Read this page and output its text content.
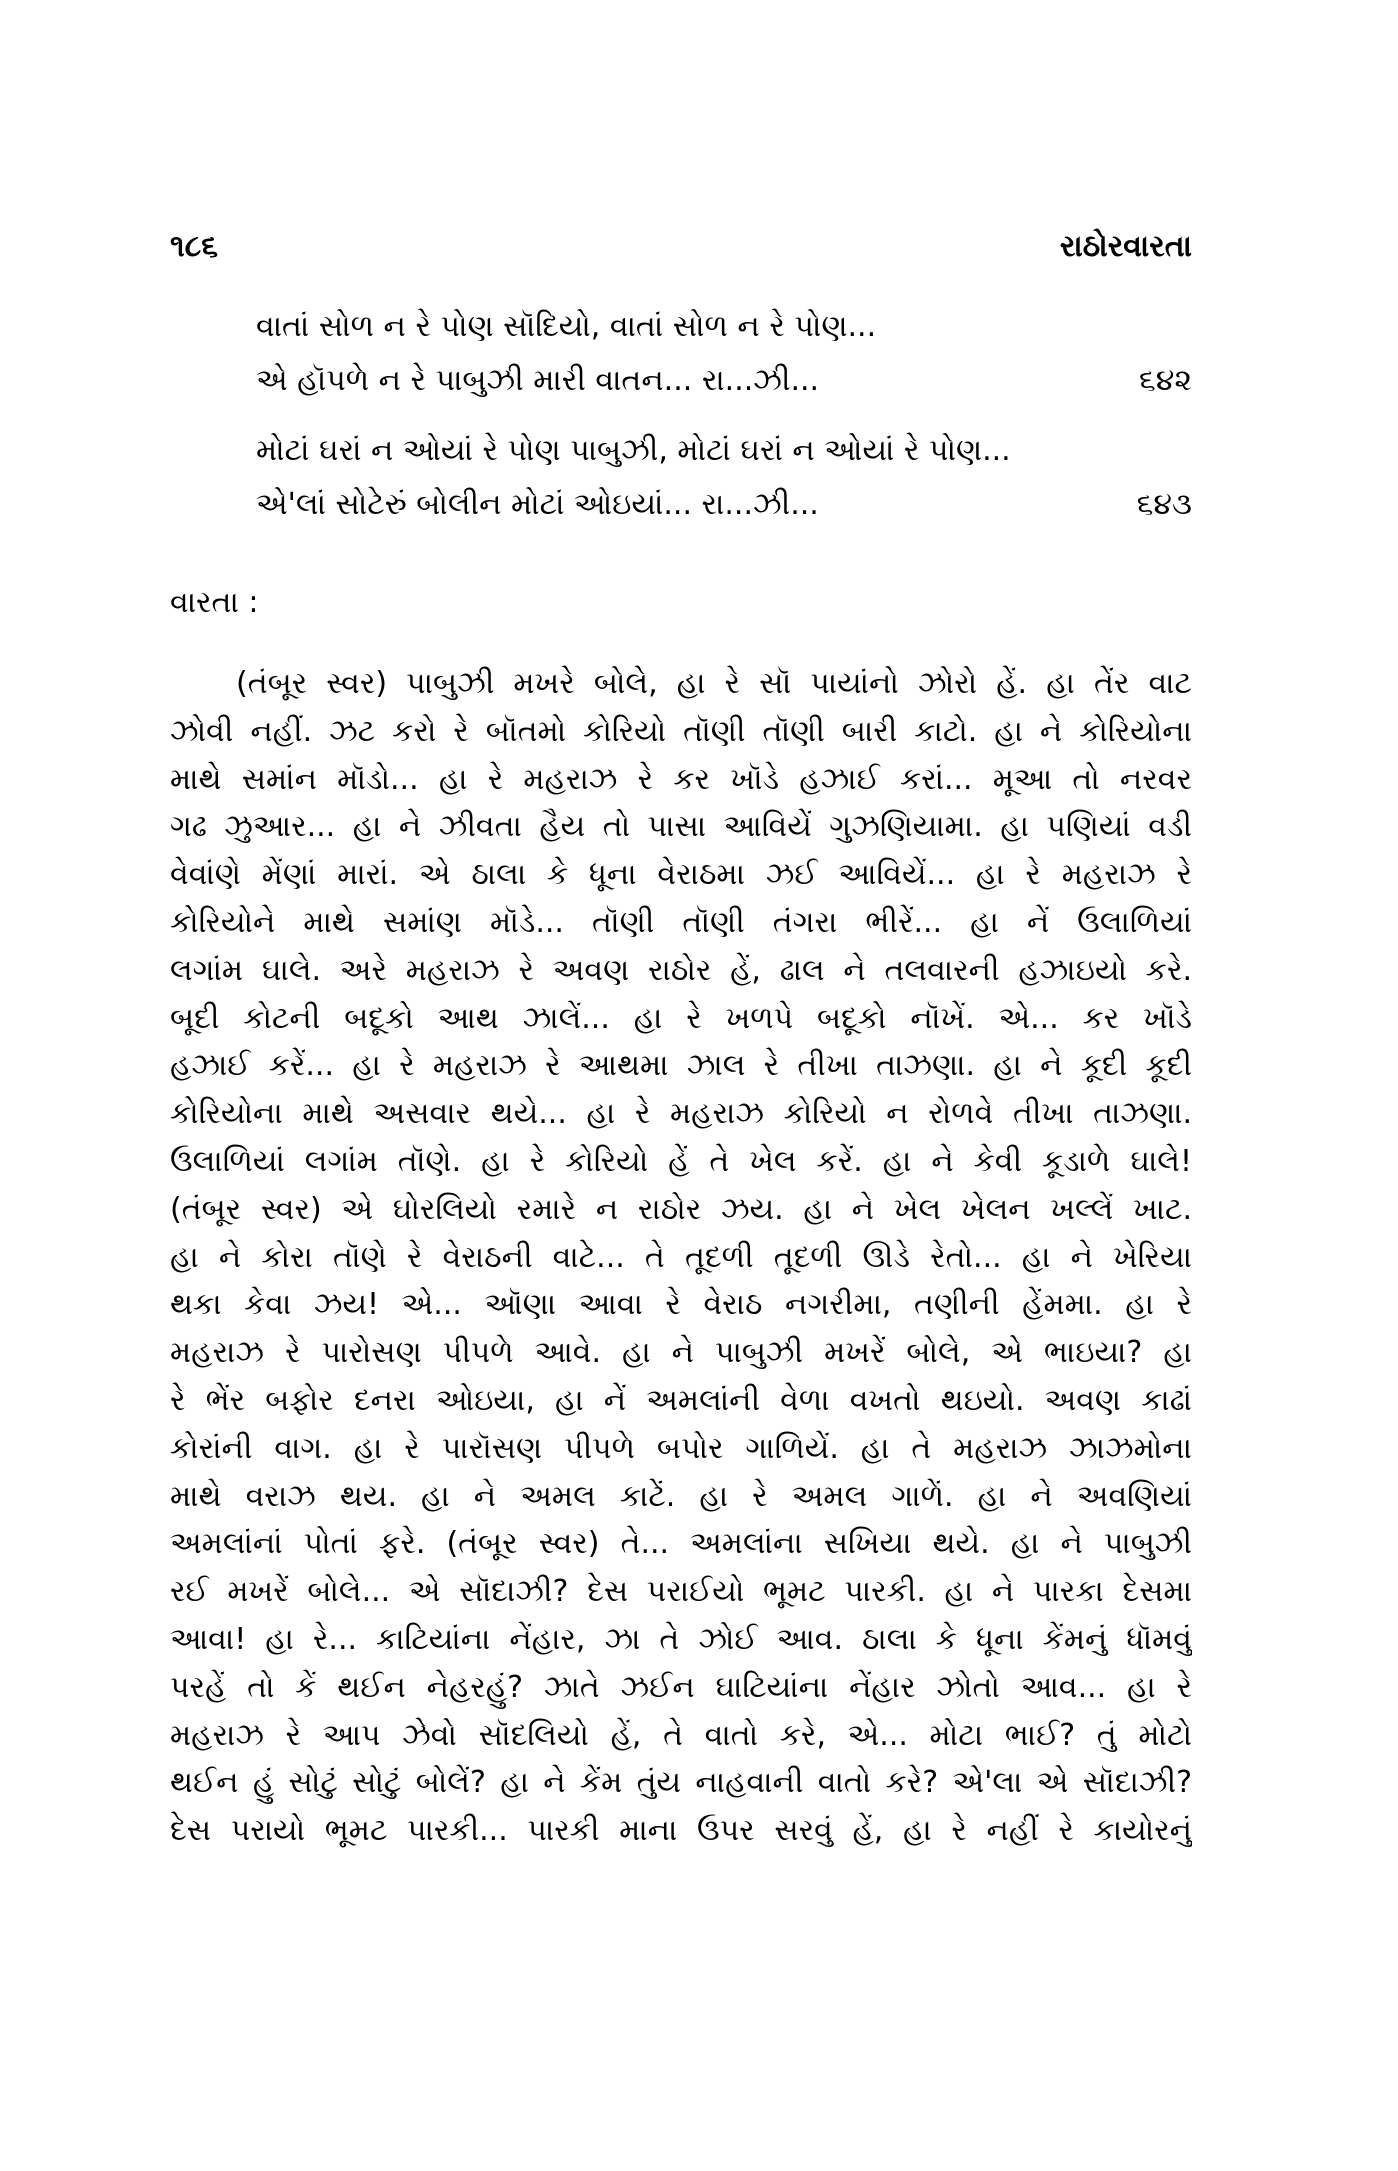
૧૮૬	રાઠોરવારતા
વાતાં સોળ ન રે પોણ સૉદિયો, વાતાં સોળ ન રે પોણ...
એ હૉપળે ન રે પાબુઝી મારી વાતન... રા...ઝી...	૬૪૨
મોટાં ઘરાં ન ઓયાં રે પોણ પાબુઝી, મોટાં ઘરાં ન ઓયાં રે પોણ...
એ'લાં સોટેરું બોલીન મોટાં ઓઇયાં... રા...ઝી...	૬૪૩
વારતા :
(તંબૂર સ્વર) પાબુઝી મખરે બોલે, હા રે સૉ પાયાંનો ઝોરો હેં. હા તેંર વાટ
ઝોવી નહીં. ઝટ કરો રે બૉતમો કોરિયો તૉણી તૉણી બારી કાટો. હા ને કોરિયોના
માથે સમાંન મૉડો... હા રે મહરાઝ રે કર ખૉડે હઝાઈ કરાં... મૂઆ તો નરવર
ગઢ ઝુઆર... હા ને ઝીવતા હૈય તો પાસા આવિયેં ગુઝણિયામા. હા પણિયાં વડી
વેવાંણે મેંણાં મારાં. એ ઠાલા કે ધૂના વેરાઠમા ઝઈ આવિયેં... હા રે મહરાઝ રે
કોરિયોને માથે સમાંણ મૉડે... તૉણી તૉણી તંગરા ભીરેં... હા નેં ઉલાળિયાં
લગાંમ ઘાલે. અરે મહરાઝ રે અવણ રાઠોર હેં, ઢાલ ને તલવારની હઝાઇયો કરે.
બૂદી કોટની બદૂકો આથ ઝાલેં... હા રે ખળપે બદૂકો નૉખેં. એ... કર ખૉડે
હઝાઈ કરેં... હા રે મહરાઝ રે આથમા ઝાલ રે તીખા તાઝણા. હા ને કૂદી કૂદી
કોરિયોના માથે અસવાર થયે... હા રે મહરાઝ કોરિયો ન રોળવે તીખા તાઝણા.
ઉલાળિયાં લગાંમ તૉણે. હા રે કોરિયો હેં તે ખેલ કરેં. હા ને કેવી કૂડાળે ઘાલે!
(તંબૂર સ્વર) એ ઘોરલિયો રમારે ન રાઠોર ઝય. હા ને ખેલ ખેલન ખલ્લેં ખાટ.
હા ને કોરા તૉણે રે વેરાઠની વાટે... તે તૂદળી તૂદળી ઊડે રેતો... હા ને ખેરિયા
થકા કેવા ઝય! એ... ઑણા આવા રે વેરાઠ નગરીમા, તણીની હેંમમા. હા રે
મહરાઝ રે પારોસણ પીપળે આવે. હા ને પાબુઝી મખરેં બોલે, એ ભાઇયા? હા
રે ભેંર બફોર દનરા ઓઇયા, હા નેં અમલાંની વેળા વખતો થઇયો. અવણ કાઢાં
કોરાંની વાગ. હા રે પારૉસણ પીપળે બપોર ગાળિયેં. હા તે મહરાઝ ઝાઝમોના
માથે વરાઝ થય. હા ને અમલ કાટેં. હા રે અમલ ગાળેં. હા ને અવણિયાં
અમલાંનાં પોતાં ફરે. (તંબૂર સ્વર) તે... અમલાંના સખિયા થયે. હા ને પાબુઝી
રઈ મખરેં બોલે... એ સૉદાઝી? દેસ પરાઈયો ભૂમટ પારકી. હા ને પારકા દેસમા
આવા! હા રે... કાટિયાંના નેંહાર, ઝા તે ઝોઈ આવ. ઠાલા કે ધૂના કેંમનું ધૉમવું
પરહેં તો કેં થઈન નેહરહું? ઝાતે ઝઈન ઘાટિયાંના નેંહાર ઝોતો આવ... હા રે
મહરાઝ રે આપ ઝેવો સૉદલિયો હેં, તે વાતો કરે, એ... મોટા ભાઈ? તું મોટો
થઈન હું સોટું સોટું બોલેં? હા ને કેંમ તુંય નાહવાની વાતો કરે? એ'લા એ સૉદાઝી?
દેસ પરાયો ભૂમટ પારકી... પારકી માના ઉપર સરવું હેં, હા રે નહીં રે કાયોરનું
